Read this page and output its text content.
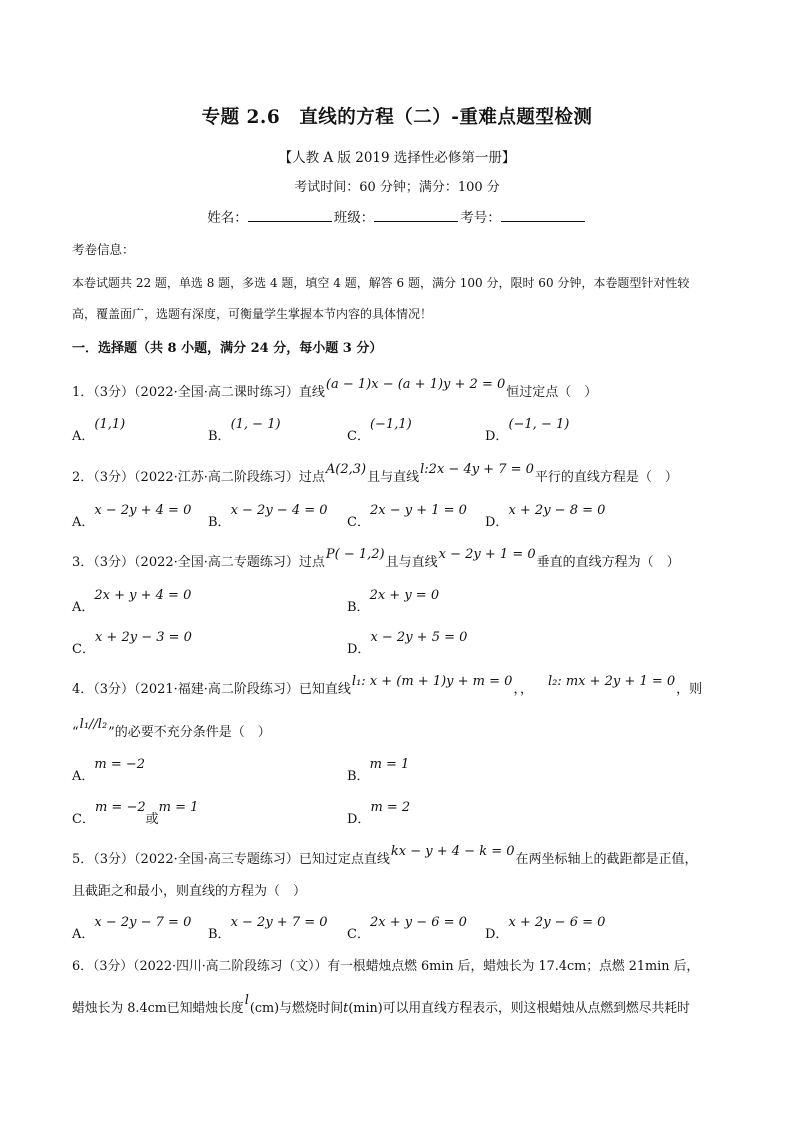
专题 2.6　直线的方程（二）-重难点题型检测
【人教 A 版 2019 选择性必修第一册】
考试时间：60 分钟；满分：100 分
姓名：	班级：	考号：
考卷信息：
本卷试题共 22 题，单选 8 题，多选 4 题，填空 4 题，解答 6 题，满分 100 分，限时 60 分钟，本卷题型针对性较
高，覆盖面广，选题有深度，可衡量学生掌握本节内容的具体情况！
一．选择题（共 8 小题，满分 24 分，每小题 3 分）
1．（3分）（2022·全国·高二课时练习）直线(a − 1)x − (a + 1)y + 2 = 0恒过定点（　）
$_{A.}$(1,1)
$_{B.}$(1, − 1)
$_{C.}$(−1,1)
$_{D.}$(−1, − 1)
2．（3分）（2022·江苏·高二阶段练习）过点A(2,3)且与直线l:2x − 4y + 7 = 0平行的直线方程是（　）
$_{A.}$x − 2y + 4 = 0
$_{B.}$x − 2y − 4 = 0
$_{C.}$2x − y + 1 = 0
$_{D.}$x + 2y − 8 = 0
3．（3分）（2022·全国·高二专题练习）过点P( − 1,2)且与直线x − 2y + 1 = 0垂直的直线方程为（　）
$_{A.}$2x + y + 4 = 0
$_{B.}$2x + y = 0
$_{C.}$x + 2y − 3 = 0
$_{D.}$x − 2y + 5 = 0
4．（3分）（2021·福建·高二阶段练习）已知直线l₁: x + (m + 1)y + m = 0，，l₂: mx + 2y + 1 = 0，则
“l₁//l₂”的必要不充分条件是（　）
$_{A.}$m = −2
$_{B.}$m = 1
$_{C.}m = -2_或m = 1$
$_{D.}$m = 2
5．（3分）（2022·全国·高三专题练习）已知过定点直线kx − y + 4 − k = 0在两坐标轴上的截距都是正值，
且截距之和最小，则直线的方程为（　）
$_{A.}$x − 2y − 7 = 0
$_{B.}$x − 2y + 7 = 0
$_{C.}$2x + y − 6 = 0
$_{D.}$x + 2y − 6 = 0
6．（3分）（2022·四川·高二阶段练习（文））有一根蜡烛点燃 6min 后，蜡烛长为 17.4cm；点燃 21min 后，
蜡烛长为 8.4cm已知蜡烛长度l(cm)与燃烧时间t(min)可以用直线方程表示，则这根蜡烛从点燃到燃尽共耗时
